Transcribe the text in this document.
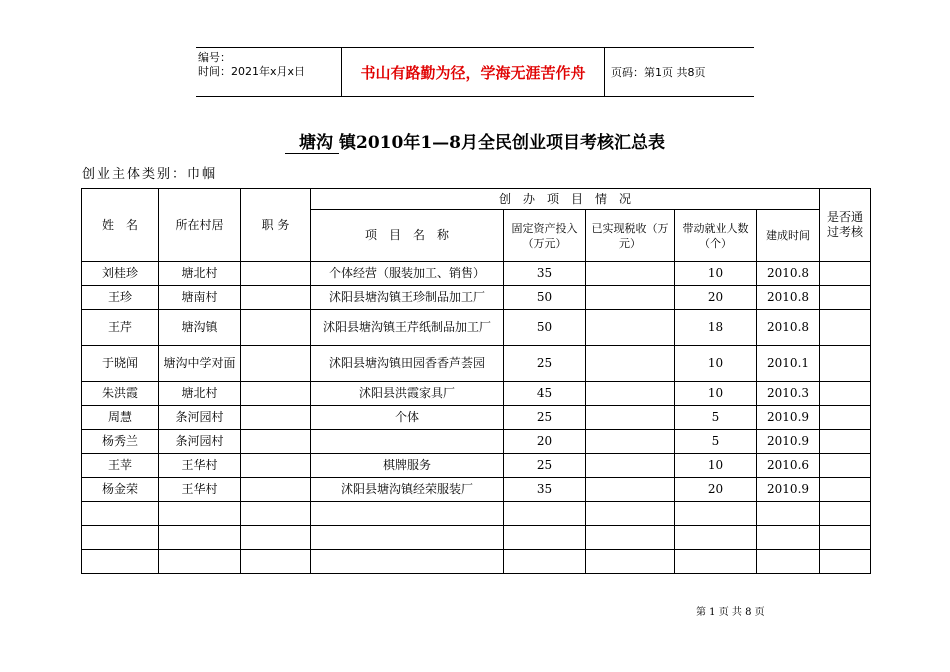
编号：
时间：2021年x月x日	书山有路勤为径，学海无涯苦作舟	页码：第1页 共8页
塘沟 镇2010年1—8月全民创业项目考核汇总表
创业主体类别：巾帼
姓　名	所在村居	职 务	创　办　项　目　情　况					是否通过考核
			项　目　名　称	固定资产投入（万元）	已实现税收（万元）	带动就业人数（个）	建成时间	
刘桂珍	塘北村		个体经营（服装加工、销售）	35		10	2010.8	
王珍	塘南村		沭阳县塘沟镇王珍制品加工厂	50		20	2010.8	
王芹	塘沟镇		沭阳县塘沟镇王芹纸制品加工厂	50		18	2010.8	
于晓闻	塘沟中学对面		沭阳县塘沟镇田园香香芦荟园	25		10	2010.1	
朱洪霞	塘北村		沭阳县洪霞家具厂	45		10	2010.3	
周慧	条河园村		个体	25		5	2010.9	
杨秀兰	条河园村			20		5	2010.9	
王苹	王华村		棋牌服务	25		10	2010.6	
杨金荣	王华村		沭阳县塘沟镇经荣服装厂	35		20	2010.9	

第 1 页 共 8 页
